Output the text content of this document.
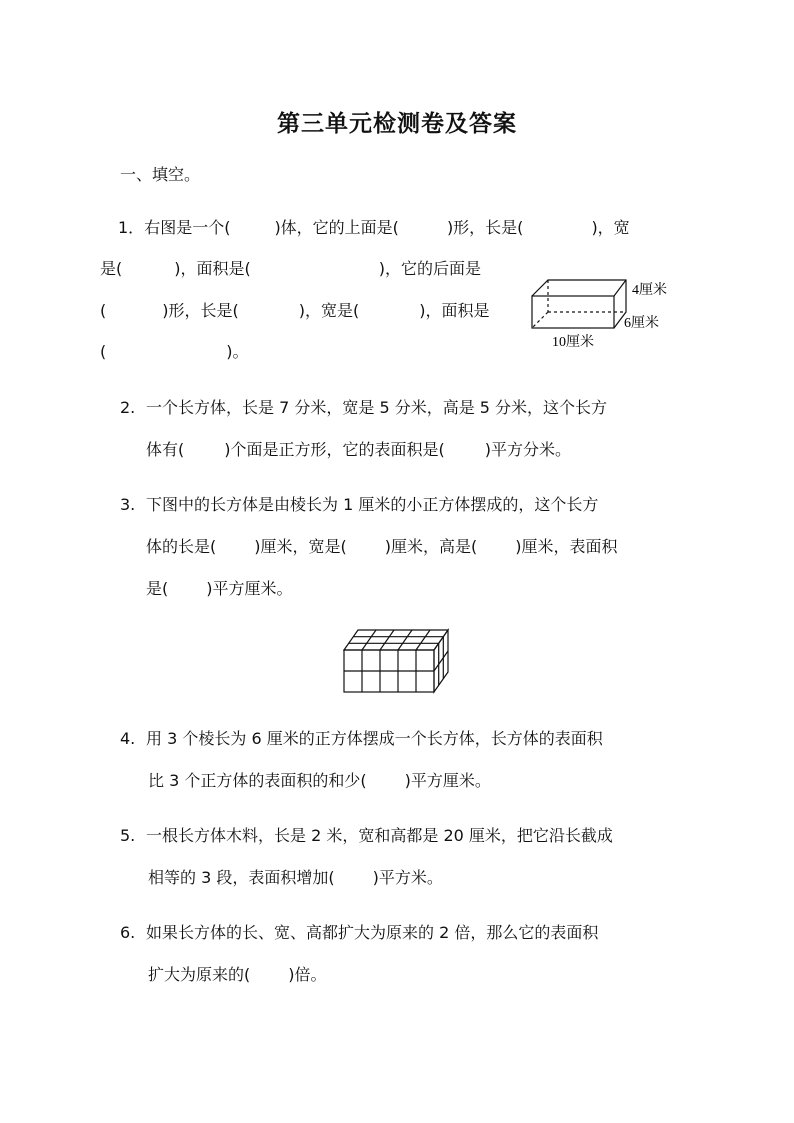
第三单元检测卷及答案
一、填空。
1．右图是一个(	)体，它的上面是(	)形，长是(	)，宽
是(	)，面积是(	)，它的后面是
(	)形，长是(	)，宽是(	)，面积是
(	)。
4厘米
6厘米
10厘米
2. 一个长方体，长是 7 分米，宽是 5 分米，高是 5 分米，这个长方
体有(	)个面是正方形，它的表面积是(	)平方分米。
3. 下图中的长方体是由棱长为 1 厘米的小正方体摆成的，这个长方
体的长是( )厘米，宽是( )厘米，高是( )厘米，表面积
是( )平方厘米。
4. 用 3 个棱长为 6 厘米的正方体摆成一个长方体，长方体的表面积
比 3 个正方体的表面积的和少( )平方厘米。
5. 一根长方体木料，长是 2 米，宽和高都是 20 厘米，把它沿长截成
相等的 3 段，表面积增加( )平方米。
6. 如果长方体的长、宽、高都扩大为原来的 2 倍，那么它的表面积
扩大为原来的( )倍。
